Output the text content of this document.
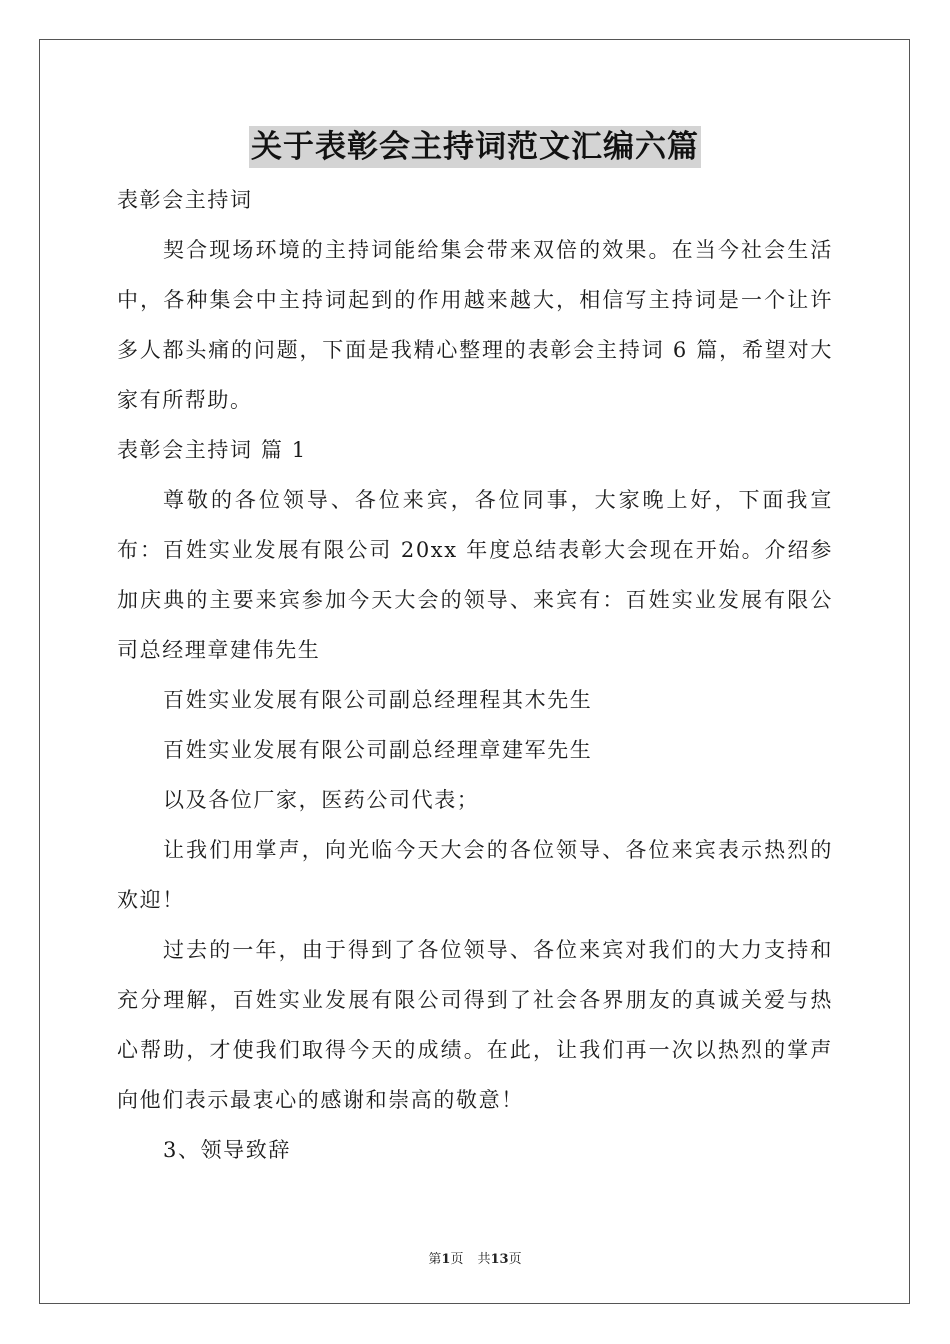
关于表彰会主持词范文汇编六篇

表彰会主持词

契合现场环境的主持词能给集会带来双倍的效果。在当今社会生活中，各种集会中主持词起到的作用越来越大，相信写主持词是一个让许多人都头痛的问题，下面是我精心整理的表彰会主持词 6 篇，希望对大家有所帮助。

表彰会主持词 篇 1

尊敬的各位领导、各位来宾，各位同事，大家晚上好，下面我宣布：百姓实业发展有限公司 20xx 年度总结表彰大会现在开始。介绍参加庆典的主要来宾参加今天大会的领导、来宾有：百姓实业发展有限公司总经理章建伟先生

百姓实业发展有限公司副总经理程其木先生

百姓实业发展有限公司副总经理章建军先生

以及各位厂家，医药公司代表；

让我们用掌声，向光临今天大会的各位领导、各位来宾表示热烈的欢迎！

过去的一年，由于得到了各位领导、各位来宾对我们的大力支持和充分理解，百姓实业发展有限公司得到了社会各界朋友的真诚关爱与热心帮助，才使我们取得今天的成绩。在此，让我们再一次以热烈的掌声向他们表示最衷心的感谢和崇高的敬意！

3、领导致辞

第1页 共13页
